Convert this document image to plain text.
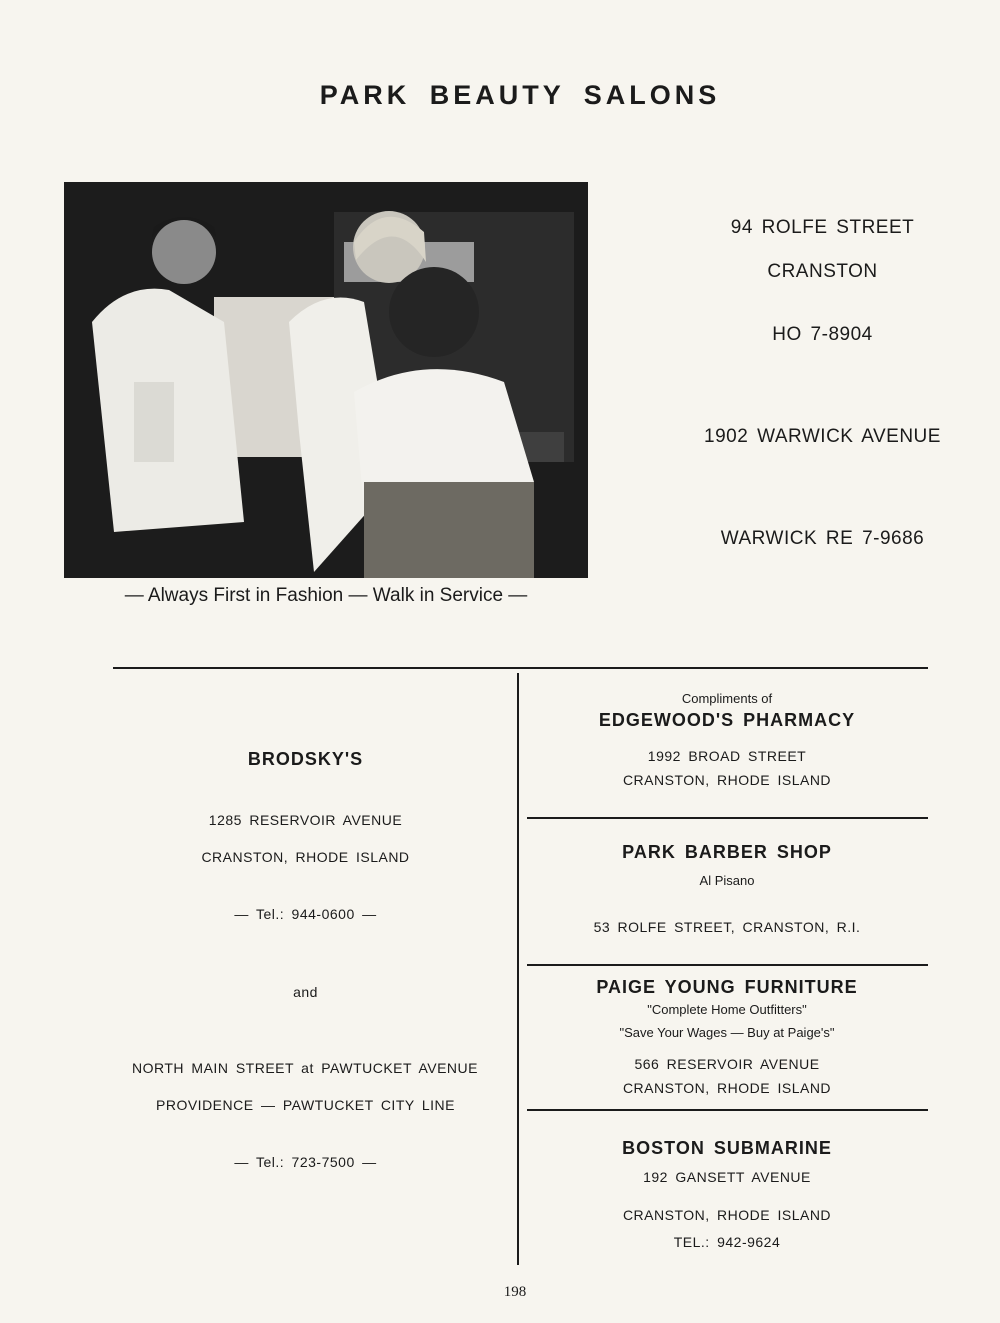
PARK BEAUTY SALONS
94 ROLFE STREET
CRANSTON
HO 7-8904
1902 WARWICK AVENUE
WARWICK RE 7-9686
— Always First in Fashion — Walk in Service —
BRODSKY'S
1285 RESERVOIR AVENUE
CRANSTON, RHODE ISLAND
— Tel.: 944-0600 —
and
NORTH MAIN STREET at PAWTUCKET AVENUE
PROVIDENCE — PAWTUCKET CITY LINE
— Tel.: 723-7500 —
Compliments of
EDGEWOOD'S PHARMACY
1992 BROAD STREET
CRANSTON, RHODE ISLAND
PARK BARBER SHOP
Al Pisano
53 ROLFE STREET, CRANSTON, R.I.
PAIGE YOUNG FURNITURE
"Complete Home Outfitters"
"Save Your Wages — Buy at Paige's"
566 RESERVOIR AVENUE
CRANSTON, RHODE ISLAND
BOSTON SUBMARINE
192 GANSETT AVENUE
CRANSTON, RHODE ISLAND
TEL.: 942-9624
198
